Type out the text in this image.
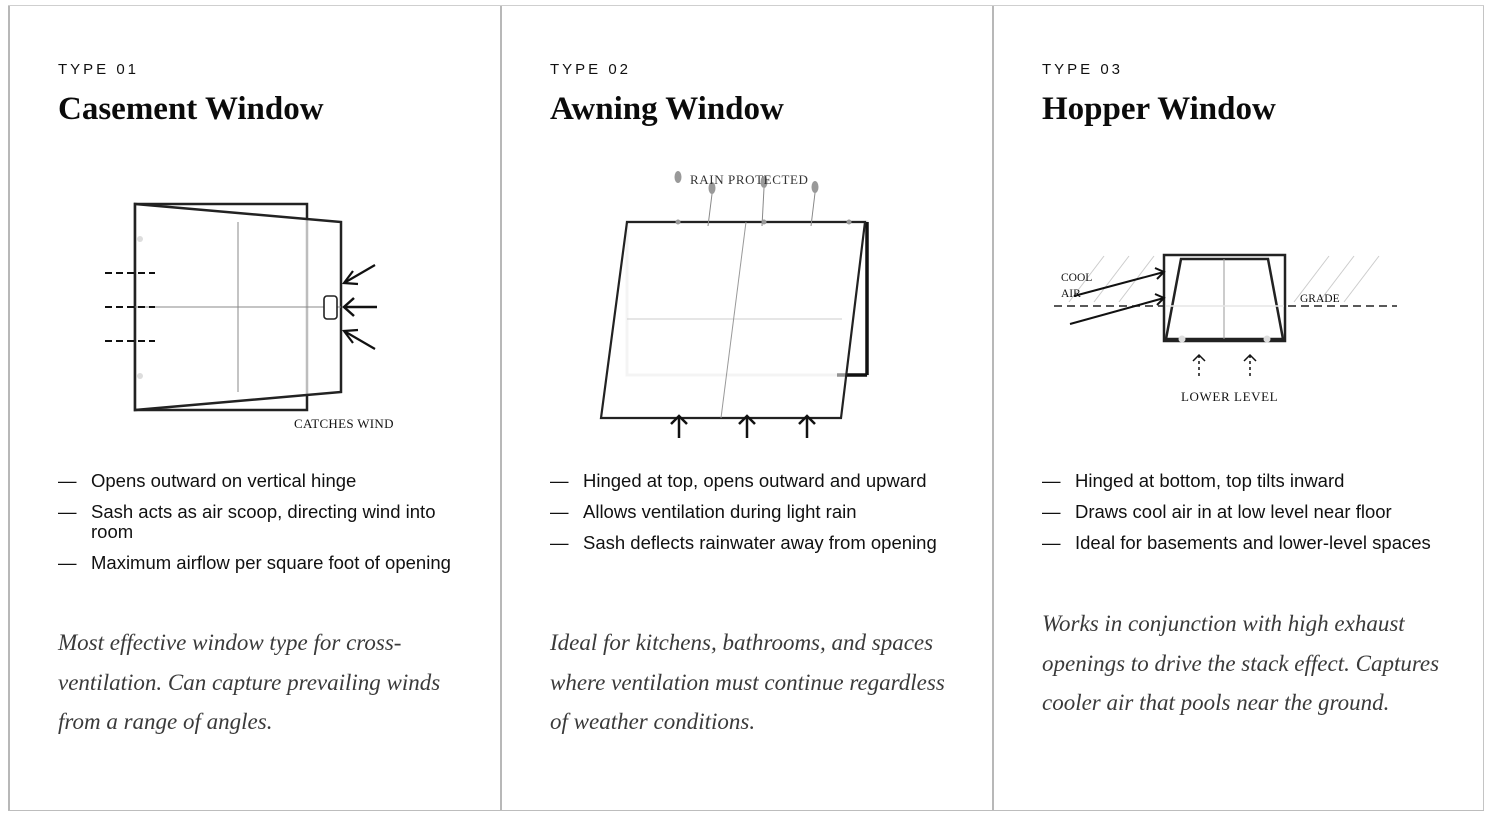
TYPE 01
Casement Window
CATCHES WIND
— Opens outward on vertical hinge
— Sash acts as air scoop, directing wind into room
— Maximum airflow per square foot of opening

Most effective window type for cross-ventilation. Can capture prevailing winds from a range of angles.

TYPE 02
Awning Window
RAIN PROTECTED
— Hinged at top, opens outward and upward
— Allows ventilation during light rain
— Sash deflects rainwater away from opening

Ideal for kitchens, bathrooms, and spaces where ventilation must continue regardless of weather conditions.

TYPE 03
Hopper Window
COOL
AIR	GRADE
LOWER LEVEL
— Hinged at bottom, top tilts inward
— Draws cool air in at low level near floor
— Ideal for basements and lower-level spaces

Works in conjunction with high exhaust openings to drive the stack effect. Captures cooler air that pools near the ground.
